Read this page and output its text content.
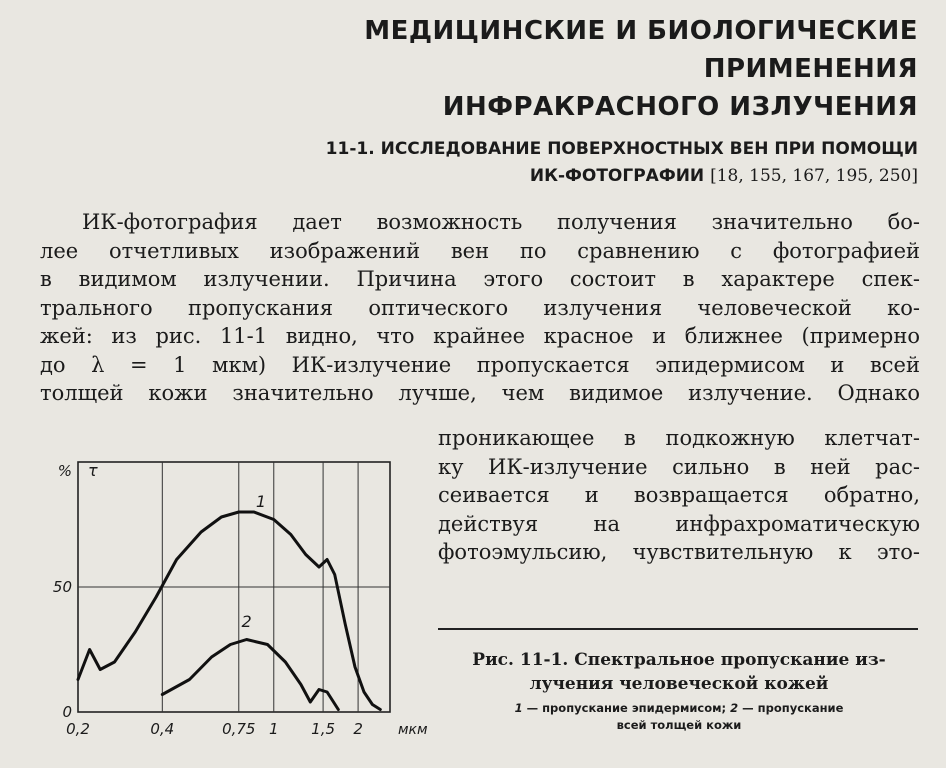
МЕДИЦИНСКИЕ И БИОЛОГИЧЕСКИЕ ПРИМЕНЕНИЯ
ИНФРАКРАСНОГО ИЗЛУЧЕНИЯ
11-1. ИССЛЕДОВАНИЕ ПОВЕРХНОСТНЫХ ВЕН ПРИ ПОМОЩИ
ИК-ФОТОГРАФИИ [18, 155, 167, 195, 250]
ИК-фотография дает возможность получения значительно бо-
лее отчетливых изображений вен по сравнению с фотографией
в видимом излучении. Причина этого состоит в характере спек-
трального пропускания оптического излучения человеческой ко-
жей: из рис. 11-1 видно, что крайнее красное и ближнее (примерно
до λ = 1 мкм) ИК-излучение пропускается эпидермисом и всей
толщей кожи значительно лучше, чем видимое излучение. Однако
проникающее в подкожную клетчат-
ку ИК-излучение сильно в ней рас-
сеивается и возвращается обратно,
действуя на инфрахроматическую
фотоэмульсию, чувствительную к это-
0,2	0,4	0,75 1 1,5 2	мкм
0
50
% τ
1
2
Рис. 11-1. Спектральное пропускание из-
лучения человеческой кожей
1 — пропускание эпидермисом; 2 — пропускание
всей толщей кожи
